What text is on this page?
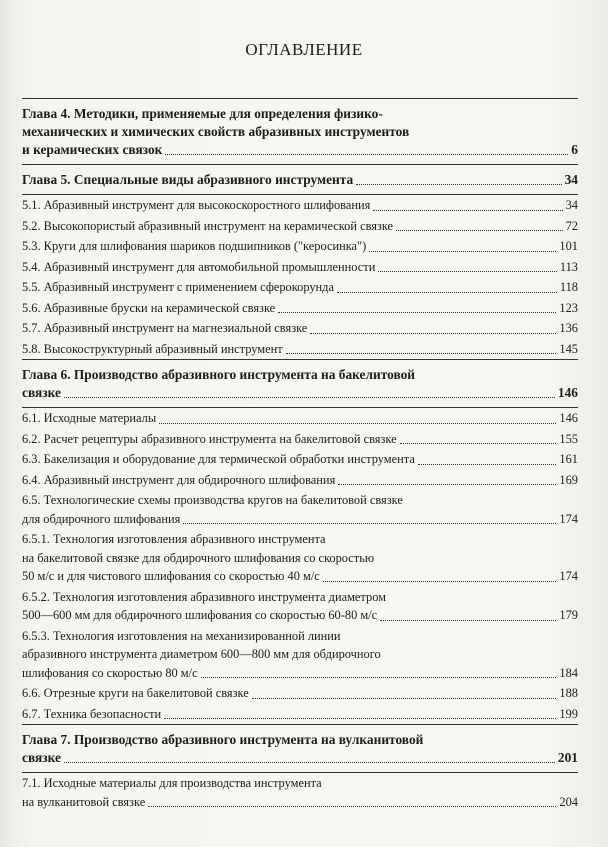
ОГЛАВЛЕНИЕ
Глава 4. Методики, применяемые для определения физико-
механических и химических свойств абразивных инструментов
и керамических связок	6
Глава 5. Специальные виды абразивного инструмента	34
5.1. Абразивный инструмент для высокоскоростного шлифования	34
5.2. Высокопористый абразивный инструмент на керамической связке	72
5.3. Круги для шлифования шариков подшипников ("керосинка")	101
5.4. Абразивный инструмент для автомобильной промышленности	113
5.5. Абразивный инструмент с применением сферокорунда	118
5.6. Абразивные бруски на керамической связке	123
5.7. Абразивный инструмент на магнезиальной связке	136
5.8. Высокоструктурный абразивный инструмент	145
Глава 6. Производство абразивного инструмента на бакелитовой
связке	146
6.1. Исходные материалы	146
6.2. Расчет рецептуры абразивного инструмента на бакелитовой связке	155
6.3. Бакелизация и оборудование для термической обработки инструмента	161
6.4. Абразивный инструмент для обдирочного шлифования	169
6.5. Технологические схемы производства кругов на бакелитовой связке
для обдирочного шлифования	174
6.5.1. Технология изготовления абразивного инструмента
на бакелитовой связке для обдирочного шлифования со скоростью
50 м/с и для чистового шлифования со скоростью 40 м/с	174
6.5.2. Технология изготовления абразивного инструмента диаметром
500—600 мм для обдирочного шлифования со скоростью 60-80 м/с	179
6.5.3. Технология изготовления на механизированной линии
абразивного инструмента диаметром 600—800 мм для обдирочного
шлифования со скоростью 80 м/с	184
6.6. Отрезные круги на бакелитовой связке	188
6.7. Техника безопасности	199
Глава 7. Производство абразивного инструмента на вулканитовой
связке	201
7.1. Исходные материалы для производства инструмента
на вулканитовой связке	204
